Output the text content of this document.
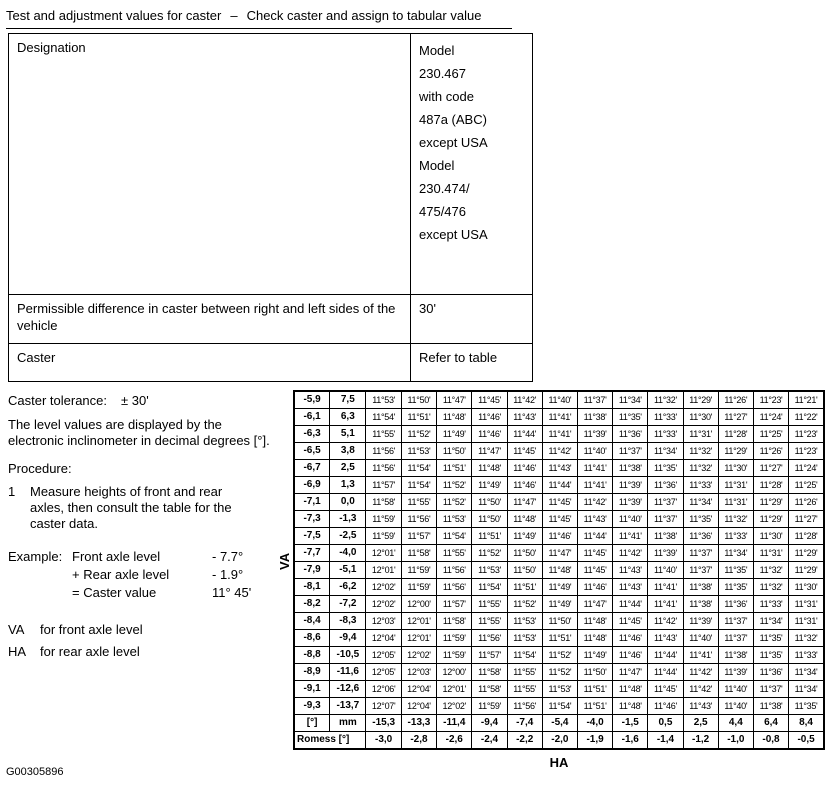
Test and adjustment values for caster – Check caster and assign to tabular value
Designation	Model
230.467
with code
487a (ABC)
except USA
Model
230.474/
475/476
except USA
Permissible difference in caster between right and left sides of the vehicle
30'
Caster	Refer to table
Caster tolerance: ± 30'
The level values are displayed by the electronic inclinometer in decimal degrees [°].
Procedure:
1	Measure heights of front and rear axles, then consult the table for the caster data.
Example: Front axle level	- 7.7°
+ Rear axle level	- 1.9°
= Caster value	11° 45'
VA	for front axle level
HA	for rear axle level
VA
-5,9	7,5	11°53'	11°50'	11°47'	11°45'	11°42'	11°40'	11°37'	11°34'	11°32'	11°29'	11°26'	11°23'	11°21'
-6,1	6,3	11°54'	11°51'	11°48'	11°46'	11°43'	11°41'	11°38'	11°35'	11°33'	11°30'	11°27'	11°24'	11°22'
-6,3	5,1	11°55'	11°52'	11°49'	11°46'	11°44'	11°41'	11°39'	11°36'	11°33'	11°31'	11°28'	11°25'	11°23'
-6,5	3,8	11°56'	11°53'	11°50'	11°47'	11°45'	11°42'	11°40'	11°37'	11°34'	11°32'	11°29'	11°26'	11°23'
-6,7	2,5	11°56'	11°54'	11°51'	11°48'	11°46'	11°43'	11°41'	11°38'	11°35'	11°32'	11°30'	11°27'	11°24'
-6,9	1,3	11°57'	11°54'	11°52'	11°49'	11°46'	11°44'	11°41'	11°39'	11°36'	11°33'	11°31'	11°28'	11°25'
-7,1	0,0	11°58'	11°55'	11°52'	11°50'	11°47'	11°45'	11°42'	11°39'	11°37'	11°34'	11°31'	11°29'	11°26'
-7,3	-1,3	11°59'	11°56'	11°53'	11°50'	11°48'	11°45'	11°43'	11°40'	11°37'	11°35'	11°32'	11°29'	11°27'
-7,5	-2,5	11°59'	11°57'	11°54'	11°51'	11°49'	11°46'	11°44'	11°41'	11°38'	11°36'	11°33'	11°30'	11°28'
-7,7	-4,0	12°01'	11°58'	11°55'	11°52'	11°50'	11°47'	11°45'	11°42'	11°39'	11°37'	11°34'	11°31'	11°29'
-7,9	-5,1	12°01'	11°59'	11°56'	11°53'	11°50'	11°48'	11°45'	11°43'	11°40'	11°37'	11°35'	11°32'	11°29'
-8,1	-6,2	12°02'	11°59'	11°56'	11°54'	11°51'	11°49'	11°46'	11°43'	11°41'	11°38'	11°35'	11°32'	11°30'
-8,2	-7,2	12°02'	12°00'	11°57'	11°55'	11°52'	11°49'	11°47'	11°44'	11°41'	11°38'	11°36'	11°33'	11°31'
-8,4	-8,3	12°03'	12°01'	11°58'	11°55'	11°53'	11°50'	11°48'	11°45'	11°42'	11°39'	11°37'	11°34'	11°31'
-8,6	-9,4	12°04'	12°01'	11°59'	11°56'	11°53'	11°51'	11°48'	11°46'	11°43'	11°40'	11°37'	11°35'	11°32'
-8,8	-10,5	12°05'	12°02'	11°59'	11°57'	11°54'	11°52'	11°49'	11°46'	11°44'	11°41'	11°38'	11°35'	11°33'
-8,9	-11,6	12°05'	12°03'	12°00'	11°58'	11°55'	11°52'	11°50'	11°47'	11°44'	11°42'	11°39'	11°36'	11°34'
-9,1	-12,6	12°06'	12°04'	12°01'	11°58'	11°55'	11°53'	11°51'	11°48'	11°45'	11°42'	11°40'	11°37'	11°34'
-9,3	-13,7	12°07'	12°04'	12°02'	11°59'	11°56'	11°54'	11°51'	11°48'	11°46'	11°43'	11°40'	11°38'	11°35'
[°]	mm	-15,3	-13,3	-11,4	-9,4	-7,4	-5,4	-4,0	-1,5	0,5	2,5	4,4	6,4	8,4
Romess [°]		-3,0	-2,8	-2,6	-2,4	-2,2	-2,0	-1,9	-1,6	-1,4	-1,2	-1,0	-0,8	-0,5
HA
G00305896
